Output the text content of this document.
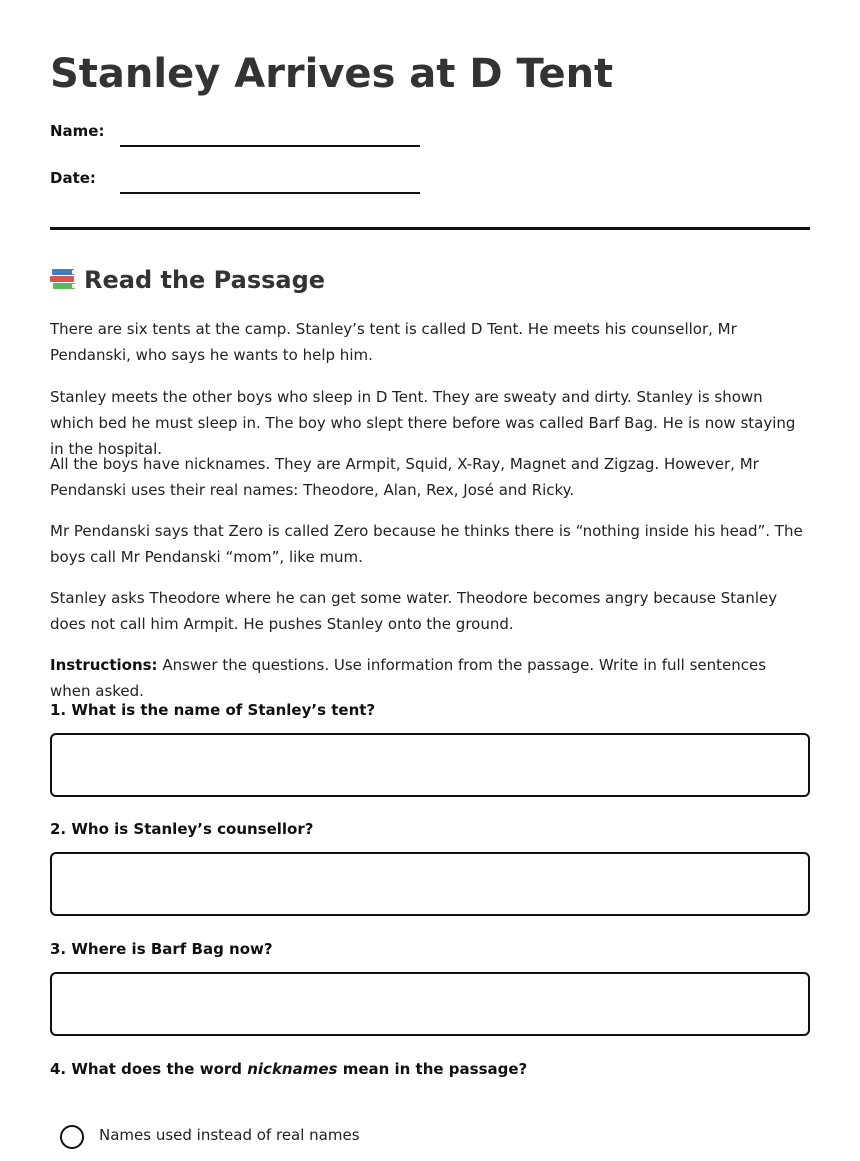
Stanley Arrives at D Tent
Name:
Date:
Read the Passage

There are six tents at the camp. Stanley’s tent is called D Tent. He meets his counsellor, Mr Pendanski, who says he wants to help him.

Stanley meets the other boys who sleep in D Tent. They are sweaty and dirty. Stanley is shown which bed he must sleep in. The boy who slept there before was called Barf Bag. He is now staying in the hospital.

All the boys have nicknames. They are Armpit, Squid, X-Ray, Magnet and Zigzag. However, Mr Pendanski uses their real names: Theodore, Alan, Rex, José and Ricky.

Mr Pendanski says that Zero is called Zero because he thinks there is “nothing inside his head”. The boys call Mr Pendanski “mom”, like mum.

Stanley asks Theodore where he can get some water. Theodore becomes angry because Stanley does not call him Armpit. He pushes Stanley onto the ground.

Instructions: Answer the questions. Use information from the passage. Write in full sentences when asked.

1. What is the name of Stanley’s tent?

2. Who is Stanley’s counsellor?

3. Where is Barf Bag now?

4. What does the word nicknames mean in the passage?

Names used instead of real names
